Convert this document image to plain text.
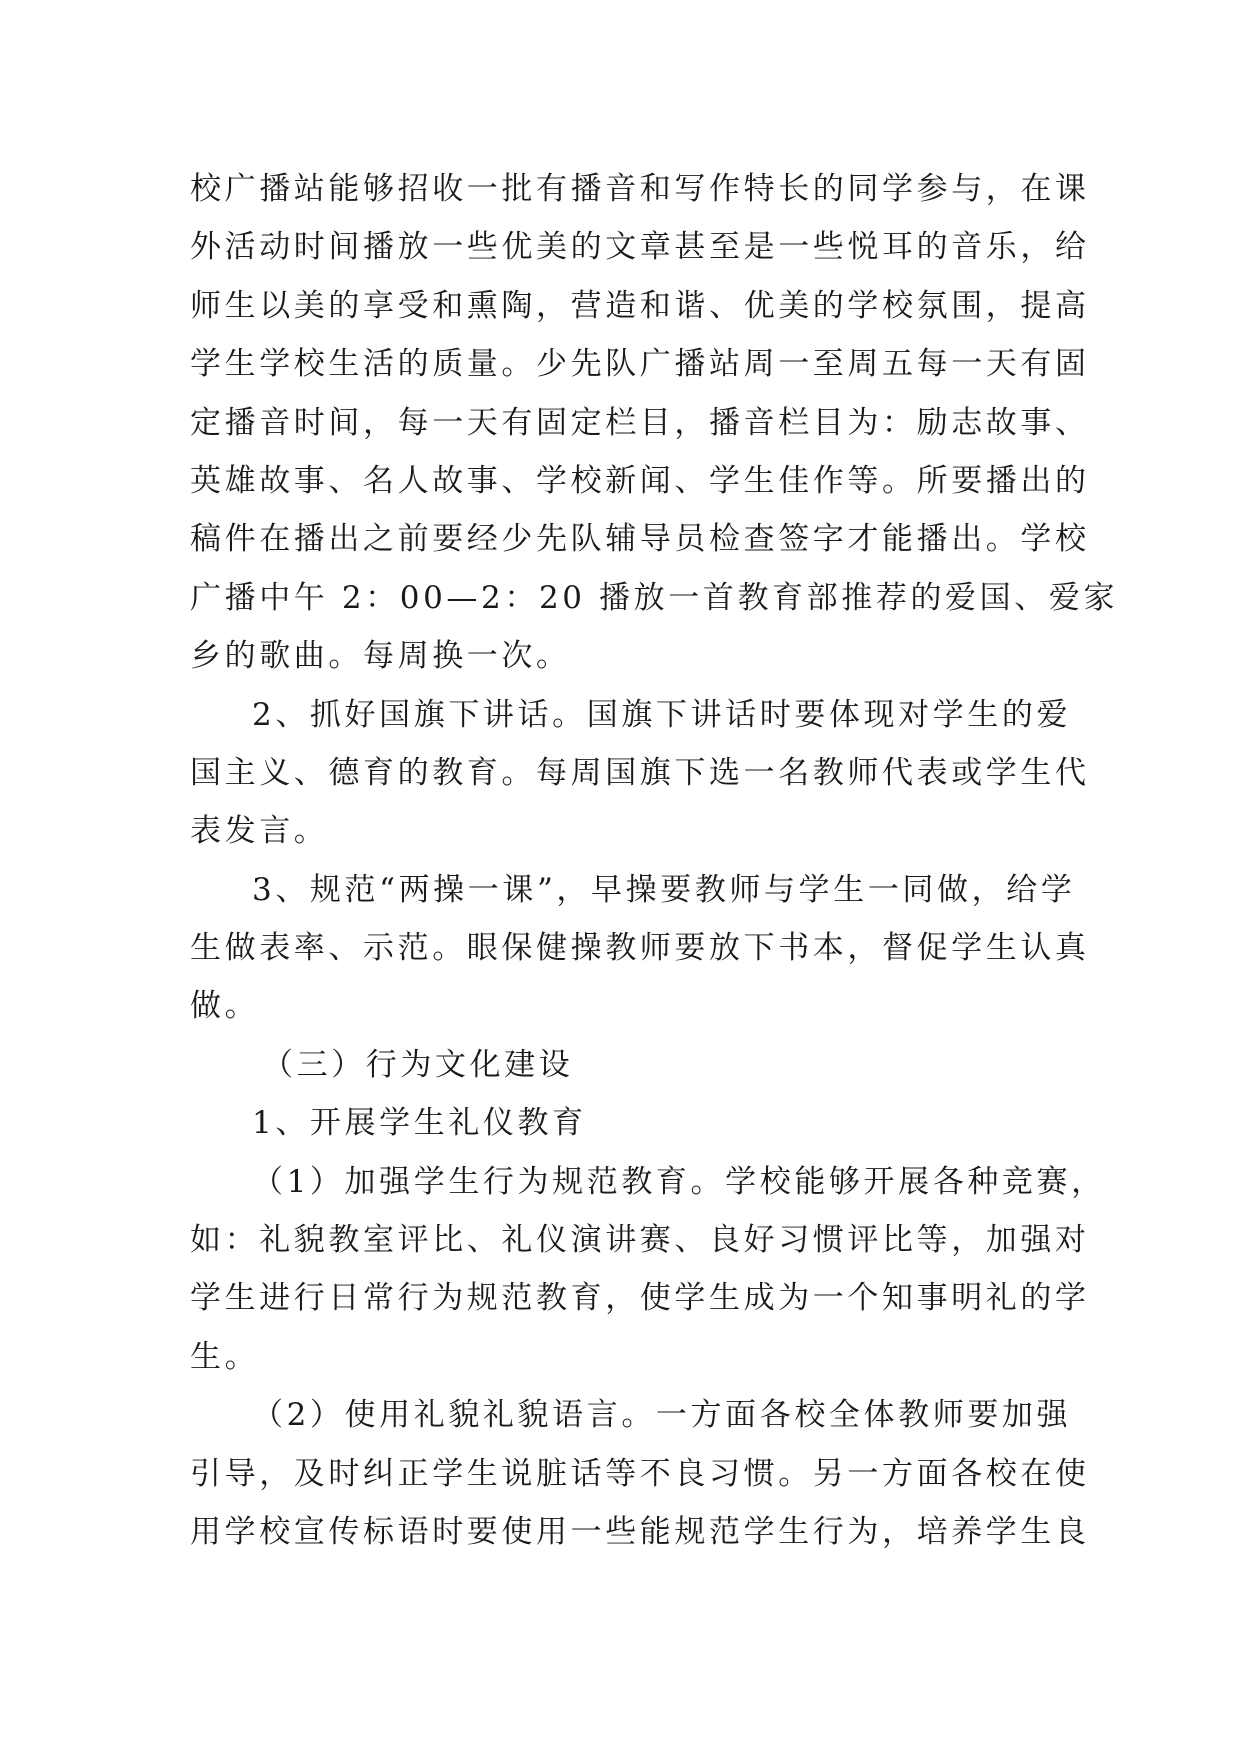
校广播站能够招收一批有播音和写作特长的同学参与，在课
外活动时间播放一些优美的文章甚至是一些悦耳的音乐，给
师生以美的享受和熏陶，营造和谐、优美的学校氛围，提高
学生学校生活的质量。少先队广播站周一至周五每一天有固
定播音时间，每一天有固定栏目，播音栏目为：励志故事、
英雄故事、名人故事、学校新闻、学生佳作等。所要播出的
稿件在播出之前要经少先队辅导员检查签字才能播出。学校
广播中午 2：00—2：20 播放一首教育部推荐的爱国、爱家
乡的歌曲。每周换一次。
2、抓好国旗下讲话。国旗下讲话时要体现对学生的爱
国主义、德育的教育。每周国旗下选一名教师代表或学生代
表发言。
3、规范“两操一课”，早操要教师与学生一同做，给学
生做表率、示范。眼保健操教师要放下书本，督促学生认真
做。
（三）行为文化建设
1、开展学生礼仪教育
（1）加强学生行为规范教育。学校能够开展各种竞赛，
如：礼貌教室评比、礼仪演讲赛、良好习惯评比等，加强对
学生进行日常行为规范教育，使学生成为一个知事明礼的学
生。
（2）使用礼貌礼貌语言。一方面各校全体教师要加强
引导，及时纠正学生说脏话等不良习惯。另一方面各校在使
用学校宣传标语时要使用一些能规范学生行为，培养学生良
